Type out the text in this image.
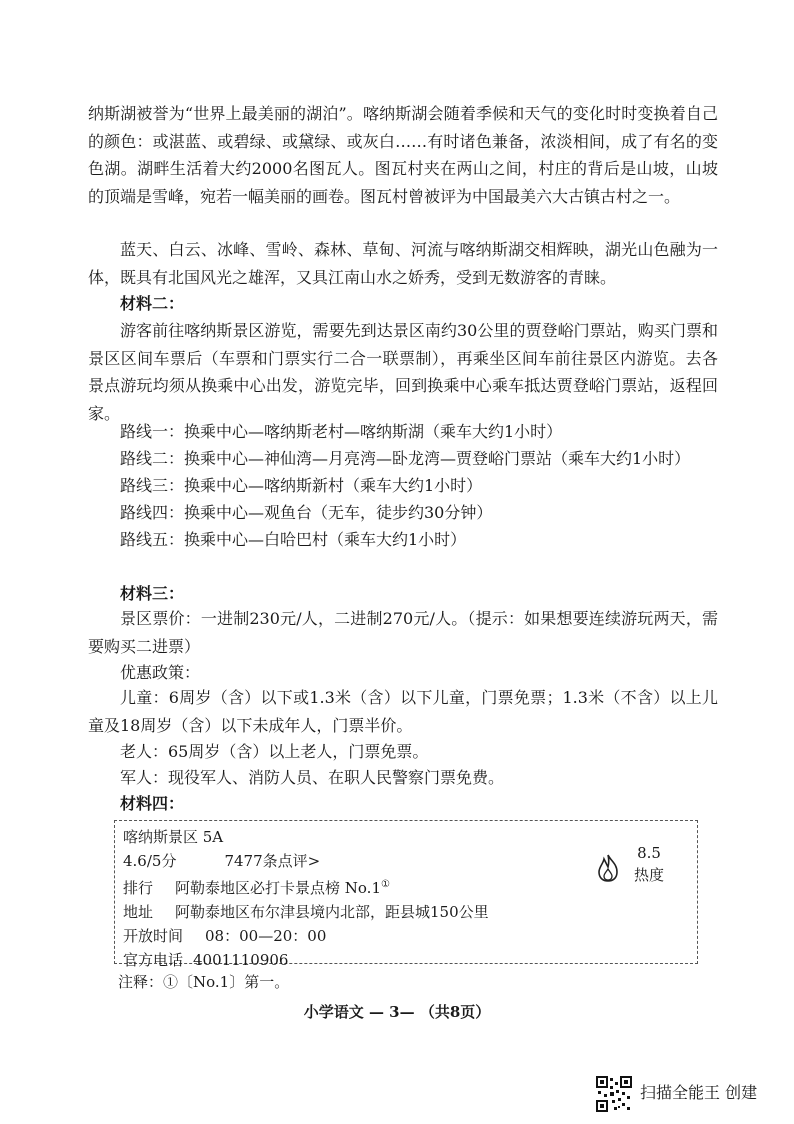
纳斯湖被誉为“世界上最美丽的湖泊”。喀纳斯湖会随着季候和天气的变化时时变换着自己的颜色：或湛蓝、或碧绿、或黛绿、或灰白……有时诸色兼备，浓淡相间，成了有名的变色湖。湖畔生活着大约2000名图瓦人。图瓦村夹在两山之间，村庄的背后是山坡，山坡的顶端是雪峰，宛若一幅美丽的画卷。图瓦村曾被评为中国最美六大古镇古村之一。

蓝天、白云、冰峰、雪岭、森林、草甸、河流与喀纳斯湖交相辉映，湖光山色融为一体，既具有北国风光之雄浑，又具江南山水之娇秀，受到无数游客的青睐。

材料二：

游客前往喀纳斯景区游览，需要先到达景区南约30公里的贾登峪门票站，购买门票和景区区间车票后（车票和门票实行二合一联票制），再乘坐区间车前往景区内游览。去各景点游玩均须从换乘中心出发，游览完毕，回到换乘中心乘车抵达贾登峪门票站，返程回家。

路线一：换乘中心—喀纳斯老村—喀纳斯湖（乘车大约1小时）
路线二：换乘中心—神仙湾—月亮湾—卧龙湾—贾登峪门票站（乘车大约1小时）
路线三：换乘中心—喀纳斯新村（乘车大约1小时）
路线四：换乘中心—观鱼台（无车，徒步约30分钟）
路线五：换乘中心—白哈巴村（乘车大约1小时）

材料三：

景区票价：一进制230元/人，二进制270元/人。（提示：如果想要连续游玩两天，需要购买二进票）

优惠政策：

儿童：6周岁（含）以下或1.3米（含）以下儿童，门票免票；1.3米（不含）以上儿童及18周岁（含）以下未成年人，门票半价。

老人：65周岁（含）以上老人，门票免票。

军人：现役军人、消防人员、在职人民警察门票免费。

材料四：

喀纳斯景区 5A
4.6/5分	7477条点评>
排行 阿勒泰地区必打卡景点榜 No.1①
地址 阿勒泰地区布尔津县境内北部，距县城150公里
开放时间 08：00—20：00
官方电话 4001110906
8.5
热度
注释：①〔No.1〕第一。
小学语文 — 3— （共8页）
扫描全能王 创建
